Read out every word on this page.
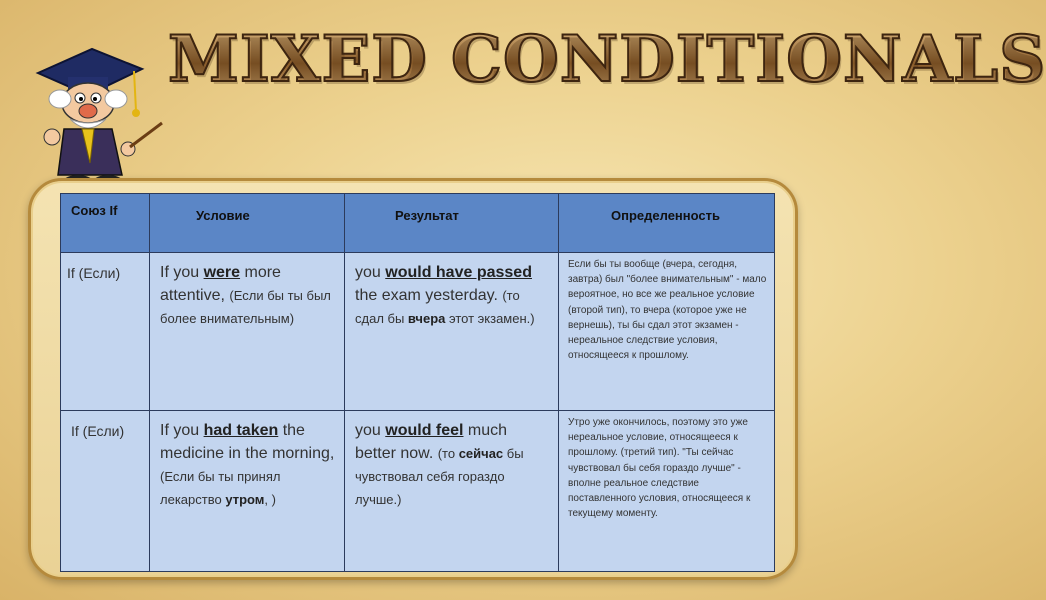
MIXED CONDITIONALS
Союз If	Условие	Результат	Определенность

If (Если)	If you were more attentive, (Если бы ты был более внимательным)	you would have passed the exam yesterday. (то сдал бы вчера этот экзамен.)	Если бы ты вообще (вчера, сегодня, завтра) был "более внимательным" - мало вероятное, но все же реальное условие (второй тип), то вчера (которое уже не вернешь), ты бы сдал этот экзамен - нереальное следствие условия, относящееся к прошлому.
If (Если)	If you had taken the medicine in the morning, (Если бы ты принял лекарство утром, )	you would feel much better now. (то сейчас бы чувствовал себя гораздо лучше.)	Утро уже окончилось, поэтому это уже нереальное условие, относящееся к прошлому. (третий тип). "Ты сейчас чувствовал бы себя гораздо лучше" - вполне реальное следствие поставленного условия, относящееся к текущему моменту.
